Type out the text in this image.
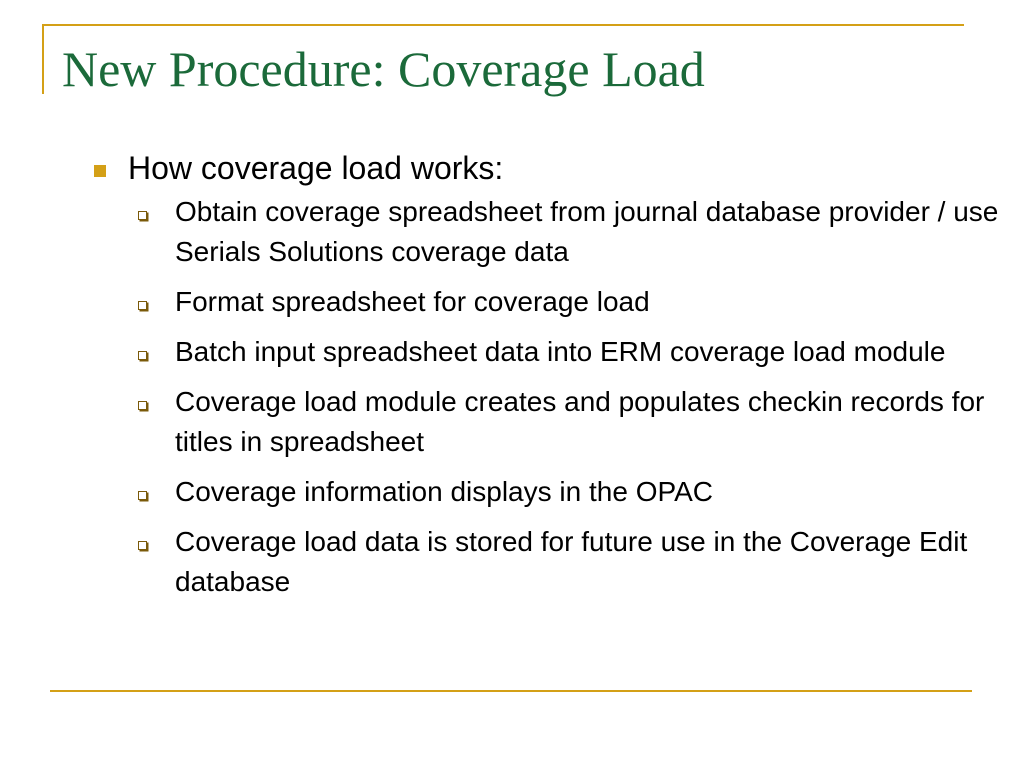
New Procedure: Coverage Load
How coverage load works:
Obtain coverage spreadsheet from journal database provider / use Serials Solutions coverage data
Format spreadsheet for coverage load
Batch input spreadsheet data into ERM coverage load module
Coverage load module creates and populates checkin records for titles in spreadsheet
Coverage information displays in the OPAC
Coverage load data is stored for future use in the Coverage Edit database
